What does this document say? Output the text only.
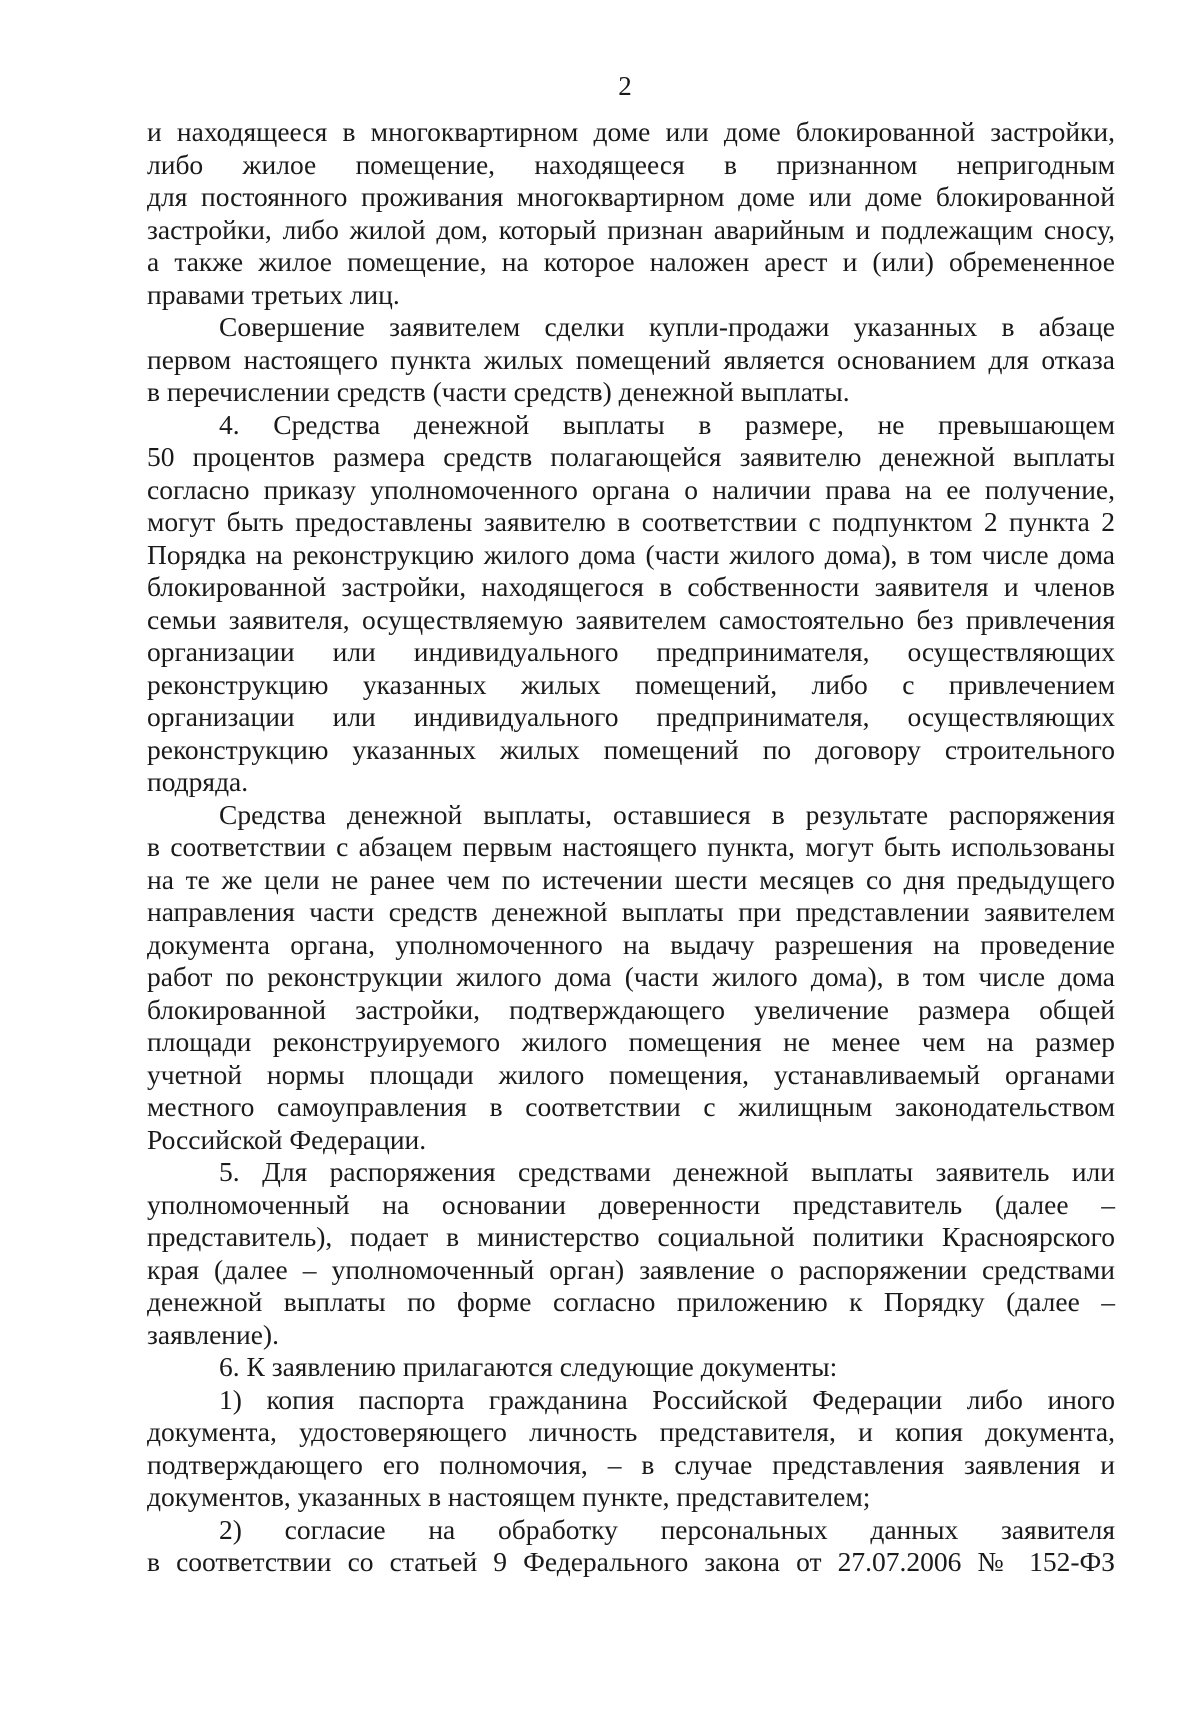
2
и находящееся в многоквартирном доме или доме блокированной застройки,
либо жилое помещение, находящееся в признанном непригодным
для постоянного проживания многоквартирном доме или доме блокированной
застройки, либо жилой дом, который признан аварийным и подлежащим сносу,
а также жилое помещение, на которое наложен арест и (или) обремененное
правами третьих лиц.
Совершение заявителем сделки купли-продажи указанных в абзаце
первом настоящего пункта жилых помещений является основанием для отказа
в перечислении средств (части средств) денежной выплаты.
4. Средства денежной выплаты в размере, не превышающем
50 процентов размера средств полагающейся заявителю денежной выплаты
согласно приказу уполномоченного органа о наличии права на ее получение,
могут быть предоставлены заявителю в соответствии с подпунктом 2 пункта 2
Порядка на реконструкцию жилого дома (части жилого дома), в том числе дома
блокированной застройки, находящегося в собственности заявителя и членов
семьи заявителя, осуществляемую заявителем самостоятельно без привлечения
организации или индивидуального предпринимателя, осуществляющих
реконструкцию указанных жилых помещений, либо с привлечением
организации или индивидуального предпринимателя, осуществляющих
реконструкцию указанных жилых помещений по договору строительного
подряда.
Средства денежной выплаты, оставшиеся в результате распоряжения
в соответствии с абзацем первым настоящего пункта, могут быть использованы
на те же цели не ранее чем по истечении шести месяцев со дня предыдущего
направления части средств денежной выплаты при представлении заявителем
документа органа, уполномоченного на выдачу разрешения на проведение
работ по реконструкции жилого дома (части жилого дома), в том числе дома
блокированной застройки, подтверждающего увеличение размера общей
площади реконструируемого жилого помещения не менее чем на размер
учетной нормы площади жилого помещения, устанавливаемый органами
местного самоуправления в соответствии с жилищным законодательством
Российской Федерации.
5. Для распоряжения средствами денежной выплаты заявитель или
уполномоченный на основании доверенности представитель (далее –
представитель), подает в министерство социальной политики Красноярского
края (далее – уполномоченный орган) заявление о распоряжении средствами
денежной выплаты по форме согласно приложению к Порядку (далее –
заявление).
6. К заявлению прилагаются следующие документы:
1) копия паспорта гражданина Российской Федерации либо иного
документа, удостоверяющего личность представителя, и копия документа,
подтверждающего его полномочия, – в случае представления заявления и
документов, указанных в настоящем пункте, представителем;
2) согласие на обработку персональных данных заявителя
в соответствии со статьей 9 Федерального закона от 27.07.2006 № 152-ФЗ
